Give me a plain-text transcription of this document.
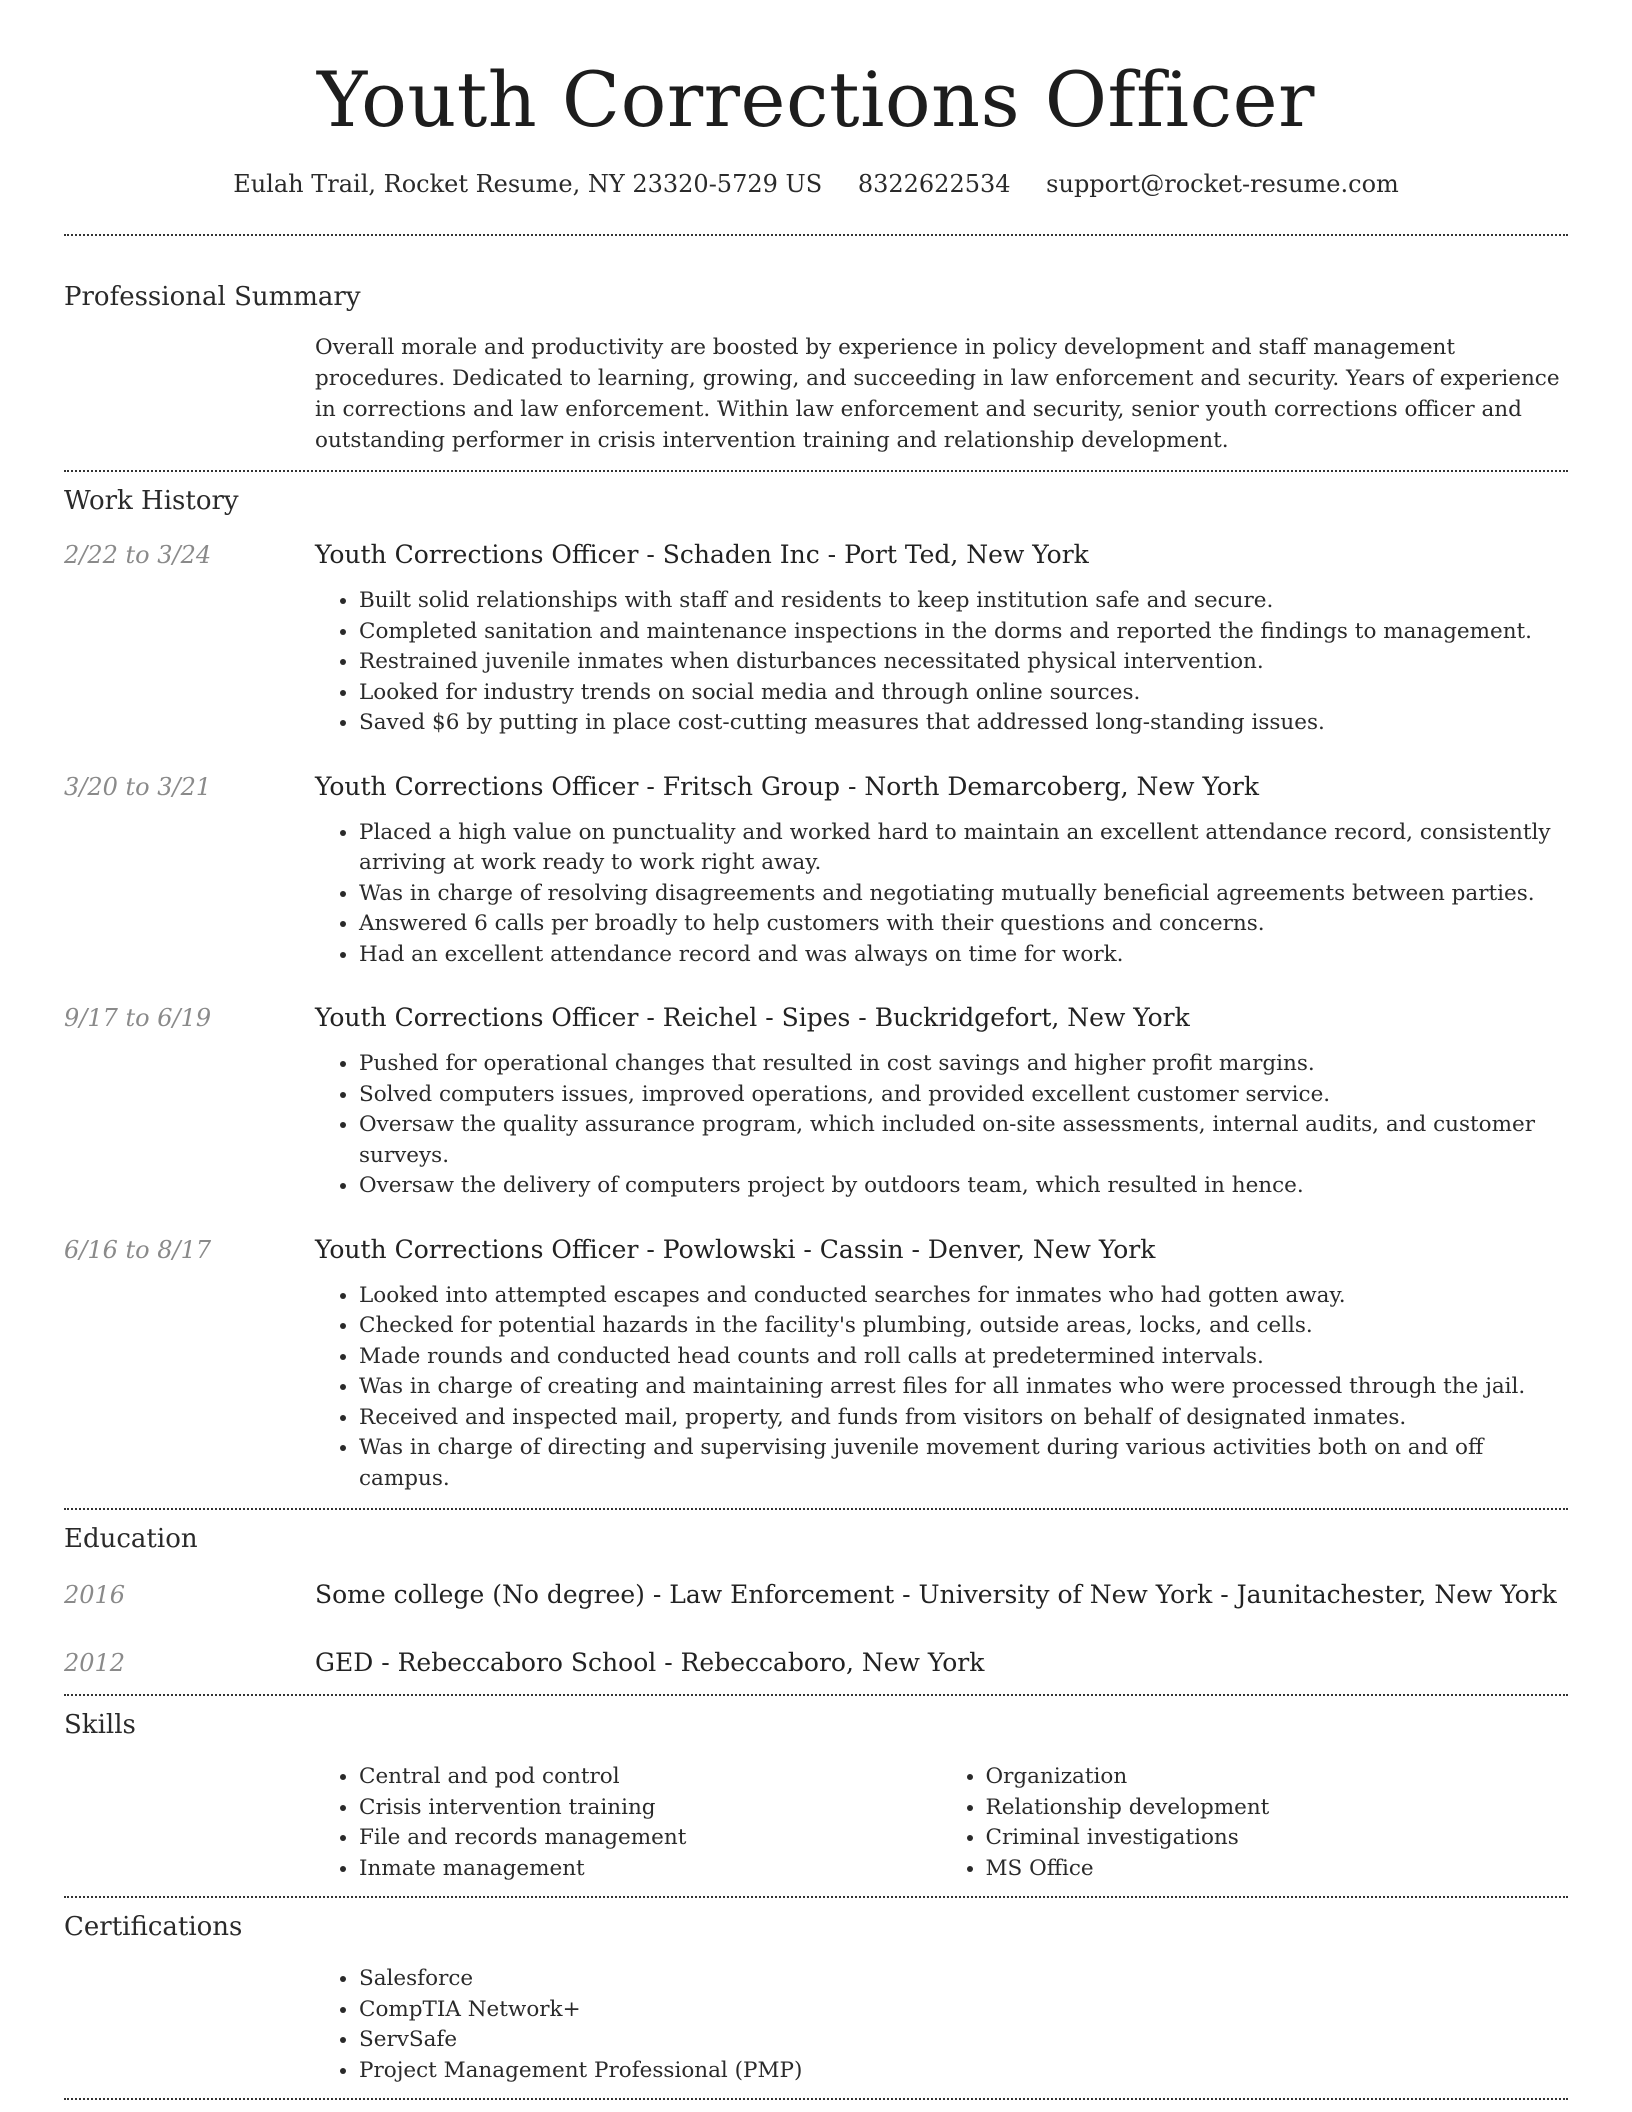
Youth Corrections Officer
Eulah Trail, Rocket Resume, NY 23320-5729 US 8322622534 support@rocket-resume.com
Professional Summary
Overall morale and productivity are boosted by experience in policy development and staff management procedures. Dedicated to learning, growing, and succeeding in law enforcement and security. Years of experience in corrections and law enforcement. Within law enforcement and security, senior youth corrections officer and outstanding performer in crisis intervention training and relationship development.
Work History
2/22 to 3/24	Youth Corrections Officer - Schaden Inc - Port Ted, New York
• Built solid relationships with staff and residents to keep institution safe and secure.
• Completed sanitation and maintenance inspections in the dorms and reported the findings to management.
• Restrained juvenile inmates when disturbances necessitated physical intervention.
• Looked for industry trends on social media and through online sources.
• Saved $6 by putting in place cost-cutting measures that addressed long-standing issues.
3/20 to 3/21	Youth Corrections Officer - Fritsch Group - North Demarcoberg, New York
• Placed a high value on punctuality and worked hard to maintain an excellent attendance record, consistently arriving at work ready to work right away.
• Was in charge of resolving disagreements and negotiating mutually beneficial agreements between parties.
• Answered 6 calls per broadly to help customers with their questions and concerns.
• Had an excellent attendance record and was always on time for work.
9/17 to 6/19	Youth Corrections Officer - Reichel - Sipes - Buckridgefort, New York
• Pushed for operational changes that resulted in cost savings and higher profit margins.
• Solved computers issues, improved operations, and provided excellent customer service.
• Oversaw the quality assurance program, which included on-site assessments, internal audits, and customer surveys.
• Oversaw the delivery of computers project by outdoors team, which resulted in hence.
6/16 to 8/17	Youth Corrections Officer - Powlowski - Cassin - Denver, New York
• Looked into attempted escapes and conducted searches for inmates who had gotten away.
• Checked for potential hazards in the facility's plumbing, outside areas, locks, and cells.
• Made rounds and conducted head counts and roll calls at predetermined intervals.
• Was in charge of creating and maintaining arrest files for all inmates who were processed through the jail.
• Received and inspected mail, property, and funds from visitors on behalf of designated inmates.
• Was in charge of directing and supervising juvenile movement during various activities both on and off campus.
Education
2016	Some college (No degree) - Law Enforcement - University of New York - Jaunitachester, New York
2012	GED - Rebeccaboro School - Rebeccaboro, New York
Skills
• Central and pod control
• Crisis intervention training
• File and records management
• Inmate management
• Organization
• Relationship development
• Criminal investigations
• MS Office
Certifications
• Salesforce
• CompTIA Network+
• ServSafe
• Project Management Professional (PMP)
